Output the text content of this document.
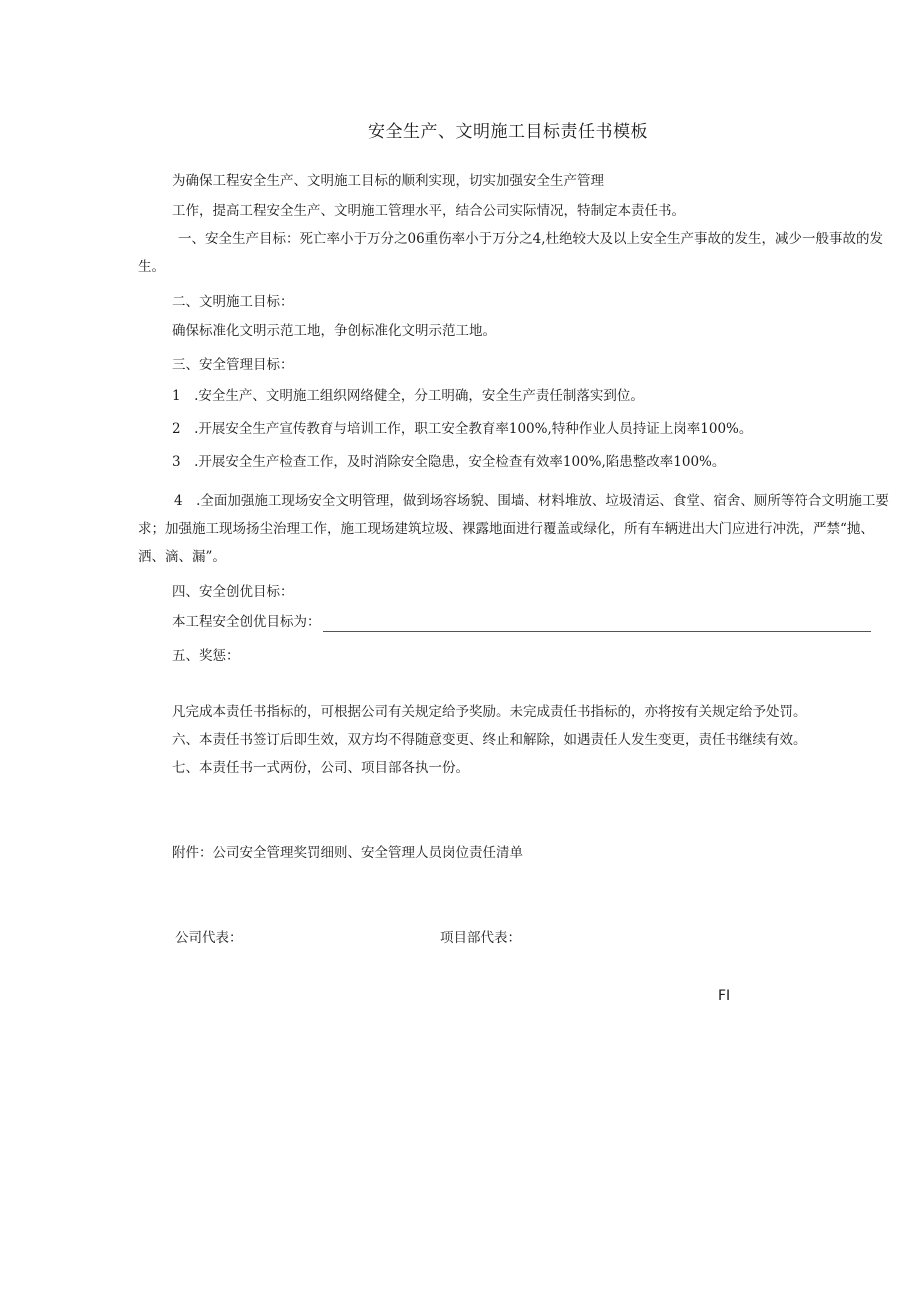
安全生产、文明施工目标责任书模板
为确保工程安全生产、文明施工目标的顺利实现，切实加强安全生产管理
工作，提高工程安全生产、文明施工管理水平，结合公司实际情况，特制定本责任书。
一、安全生产目标：死亡率小于万分之06重伤率小于万分之4,杜绝较大及以上安全生产事故的发生，减少一般事故的发生。
二、文明施工目标：
确保标准化文明示范工地，争创标准化文明示范工地。
三、安全管理目标：
1　.安全生产、文明施工组织网络健全，分工明确，安全生产责任制落实到位。
2　.开展安全生产宣传教育与培训工作，职工安全教育率100%,特种作业人员持证上岗率100%。
3　.开展安全生产检查工作，及时消除安全隐患，安全检查有效率100%,陷患整改率100%。
4　.全面加强施工现场安全文明管理，做到场容场貌、围墙、材料堆放、垃圾清运、食堂、宿舍、厕所等符合文明施工要求；加强施工现场扬尘治理工作，施工现场建筑垃圾、裸露地面进行覆盖或绿化，所有车辆进出大门应进行冲洗，严禁“抛、洒、滴、漏”。
四、安全创优目标：
本工程安全创优目标为：
五、奖惩：
凡完成本责任书指标的，可根据公司有关规定给予奖励。未完成责任书指标的，亦将按有关规定给予处罚。
六、本责任书签订后即生效，双方均不得随意变更、终止和解除，如遇责任人发生变更，责任书继续有效。
七、本责任书一式两份，公司、项目部各执一份。
附件：公司安全管理奖罚细则、安全管理人员岗位责任清单
公司代表：	项目部代表：
FI
